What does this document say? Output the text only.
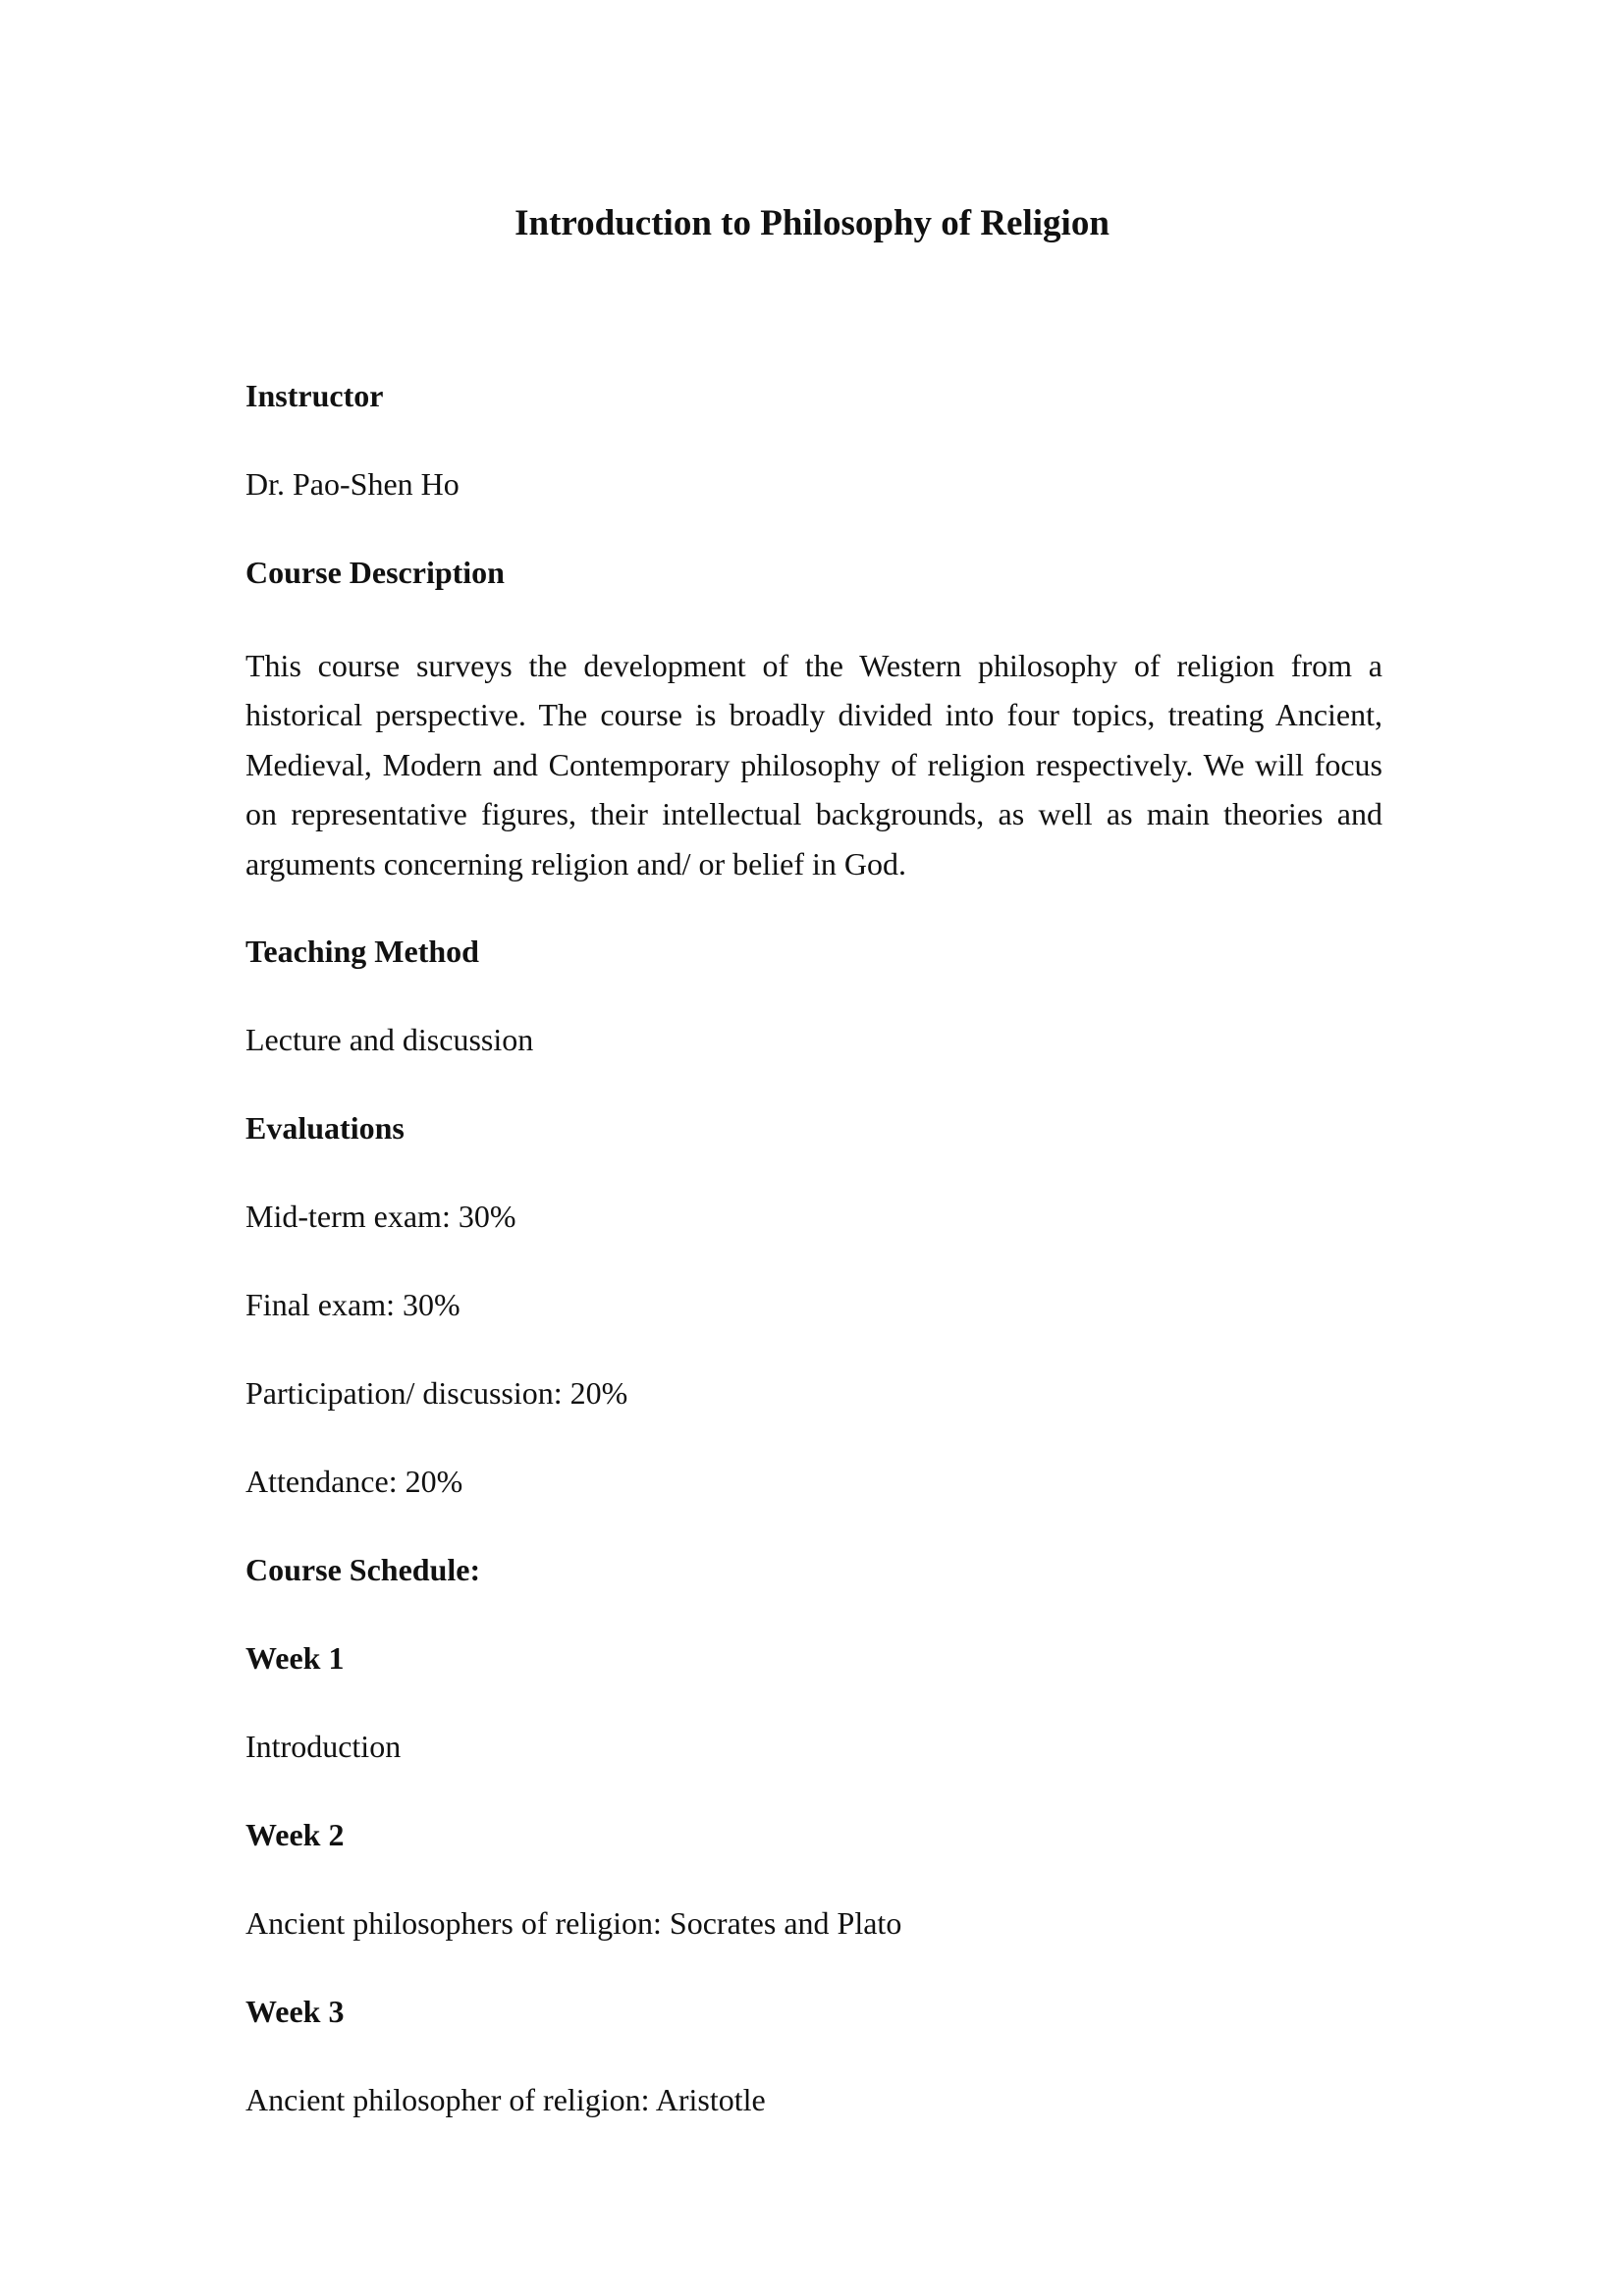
Introduction to Philosophy of Religion

Instructor

Dr. Pao-Shen Ho

Course Description

This course surveys the development of the Western philosophy of religion from a historical perspective. The course is broadly divided into four topics, treating Ancient, Medieval, Modern and Contemporary philosophy of religion respectively. We will focus on representative figures, their intellectual backgrounds, as well as main theories and arguments concerning religion and/ or belief in God.

Teaching Method

Lecture and discussion

Evaluations

Mid-term exam: 30%
Final exam: 30%
Participation/ discussion: 20%
Attendance: 20%

Course Schedule:

Week 1

Introduction

Week 2

Ancient philosophers of religion: Socrates and Plato

Week 3

Ancient philosopher of religion: Aristotle
